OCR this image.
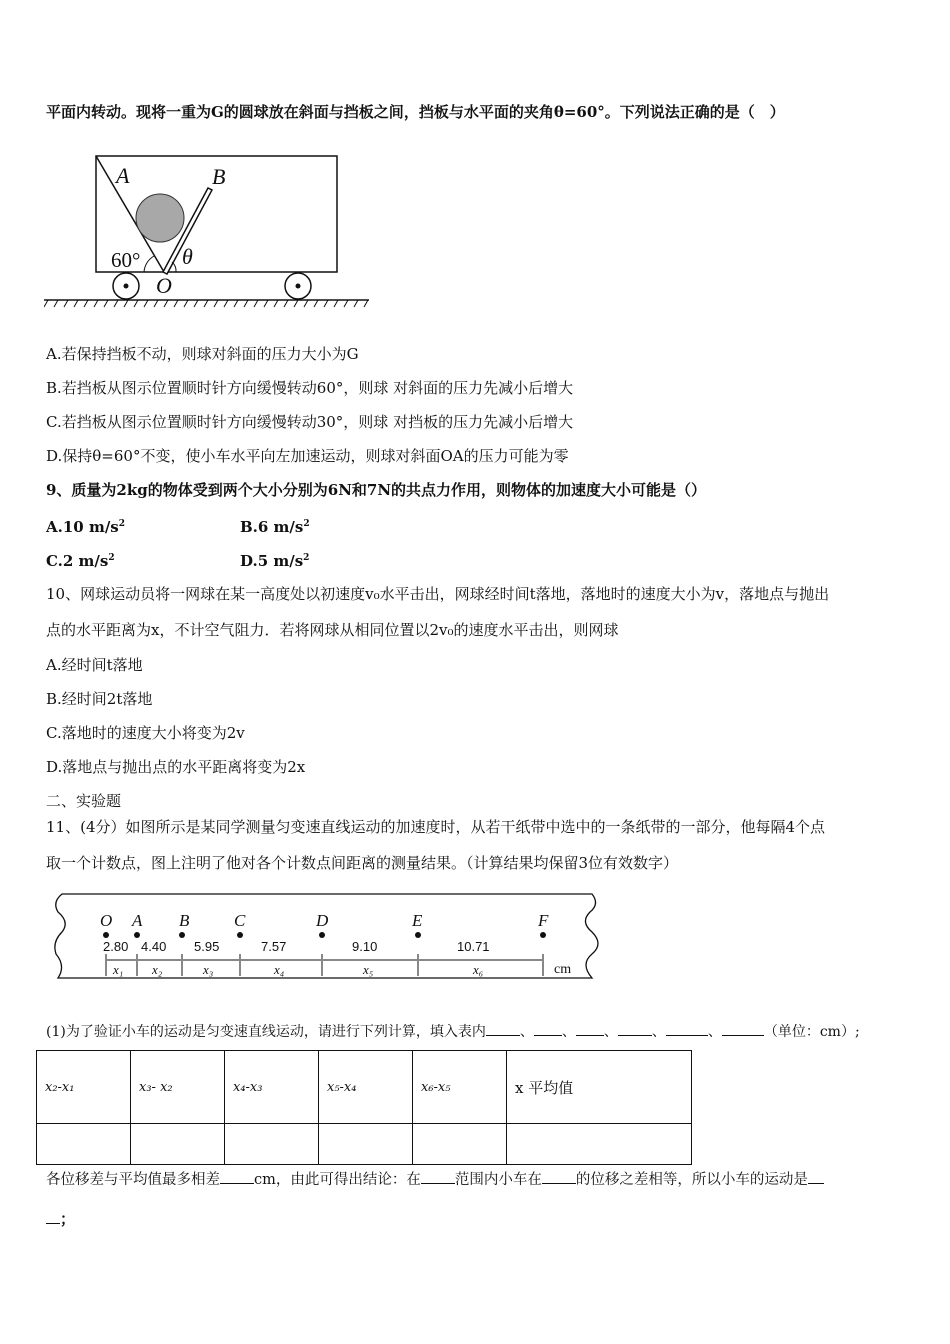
平面内转动。现将一重为G的圆球放在斜面与挡板之间，挡板与水平面的夹角θ=60°。下列说法正确的是（　）
A	B
θ
O
60°
A.若保持挡板不动，则球对斜面的压力大小为G
B.若挡板从图示位置顺时针方向缓慢转动60°，则球 对斜面的压力先减小后增大
C.若挡板从图示位置顺时针方向缓慢转动30°，则球 对挡板的压力先减小后增大
D.保持θ=60°不变，使小车水平向左加速运动，则球对斜面OA的压力可能为零
9、质量为2kg的物体受到两个大小分别为6N和7N的共点力作用，则物体的加速度大小可能是（）
A.10 $m/s^2$	B.6 $m/s^2$
C.2 $m/s^2$	D.5 $m/s^2$
10、网球运动员将一网球在某一高度处以初速度v₀水平击出，网球经时间t落地，落地时的速度大小为v，落地点与抛出
点的水平距离为x，不计空气阻力．若将网球从相同位置以2v₀的速度水平击出，则网球
A.经时间t落地
B.经时间2t落地
C.落地时的速度大小将变为2v
D.落地点与抛出点的水平距离将变为2x
二、实验题
11、(4分）如图所示是某同学测量匀变速直线运动的加速度时，从若干纸带中选中的一条纸带的一部分，他每隔4个点
取一个计数点，图上注明了他对各个计数点间距离的测量结果。（计算结果均保留3位有效数字）
O A B	C	D	E	F
2.80 4.40 5.95	7.57	9.10	10.71
x₁ x₂	x₃	x₄	x₅	x₆	cm
(1)为了验证小车的运动是匀变速直线运动，请进行下列计算，填入表内 、 、 、 、	、	（单位：cm）;
x₂-x₁	x₃- x₂	x₄-x₃	x₅-x₄	x₆-x₅	x 平均值

各位移差与平均值最多相差 cm，由此可得出结论：在 范围内小车在 的位移之差相等，所以小车的运动是
；
